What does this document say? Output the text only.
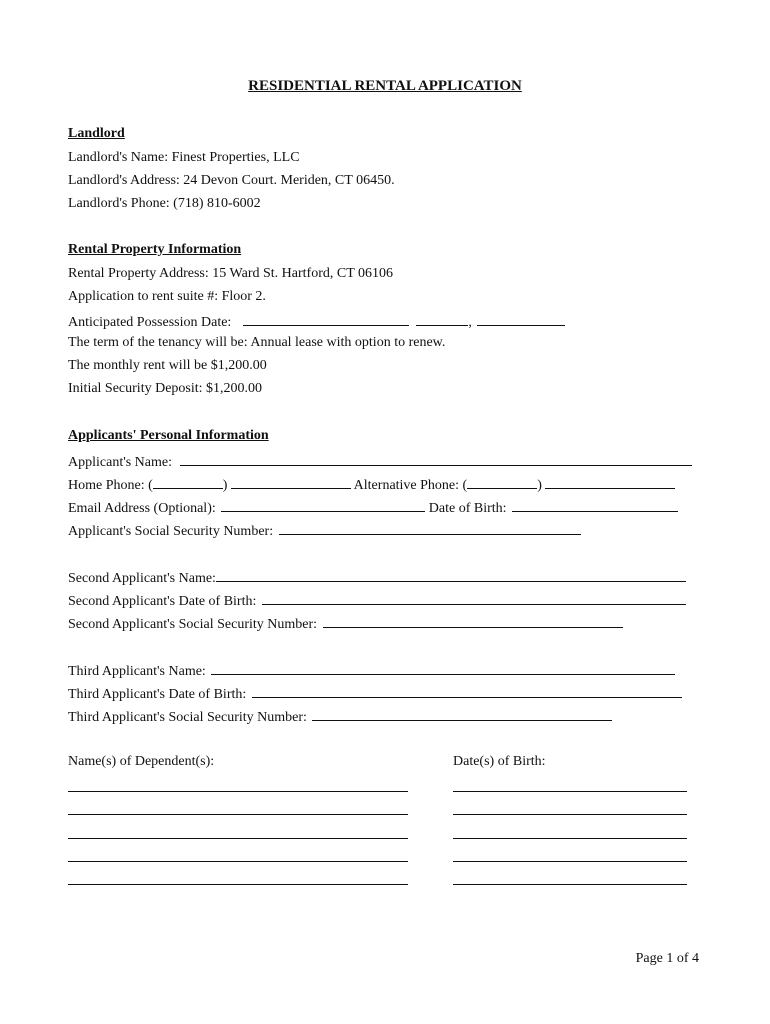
RESIDENTIAL RENTAL APPLICATION
Landlord
Landlord's Name: Finest Properties, LLC
Landlord's Address: 24 Devon Court. Meriden, CT 06450.
Landlord's Phone: (718) 810-6002
Rental Property Information
Rental Property Address: 15 Ward St. Hartford, CT 06106
Application to rent suite #: Floor 2.
Anticipated Possession Date:	,
The term of the tenancy will be: Annual lease with option to renew.
The monthly rent will be $1,200.00
Initial Security Deposit: $1,200.00
Applicants' Personal Information
Applicant's Name:
Home Phone: (	)	Alternative Phone: (	)
Email Address (Optional):	Date of Birth:
Applicant's Social Security Number:
Second Applicant's Name:
Second Applicant's Date of Birth:
Second Applicant's Social Security Number:
Third Applicant's Name:
Third Applicant's Date of Birth:
Third Applicant's Social Security Number:
Name(s) of Dependent(s):	Date(s) of Birth:
Page 1 of 4
